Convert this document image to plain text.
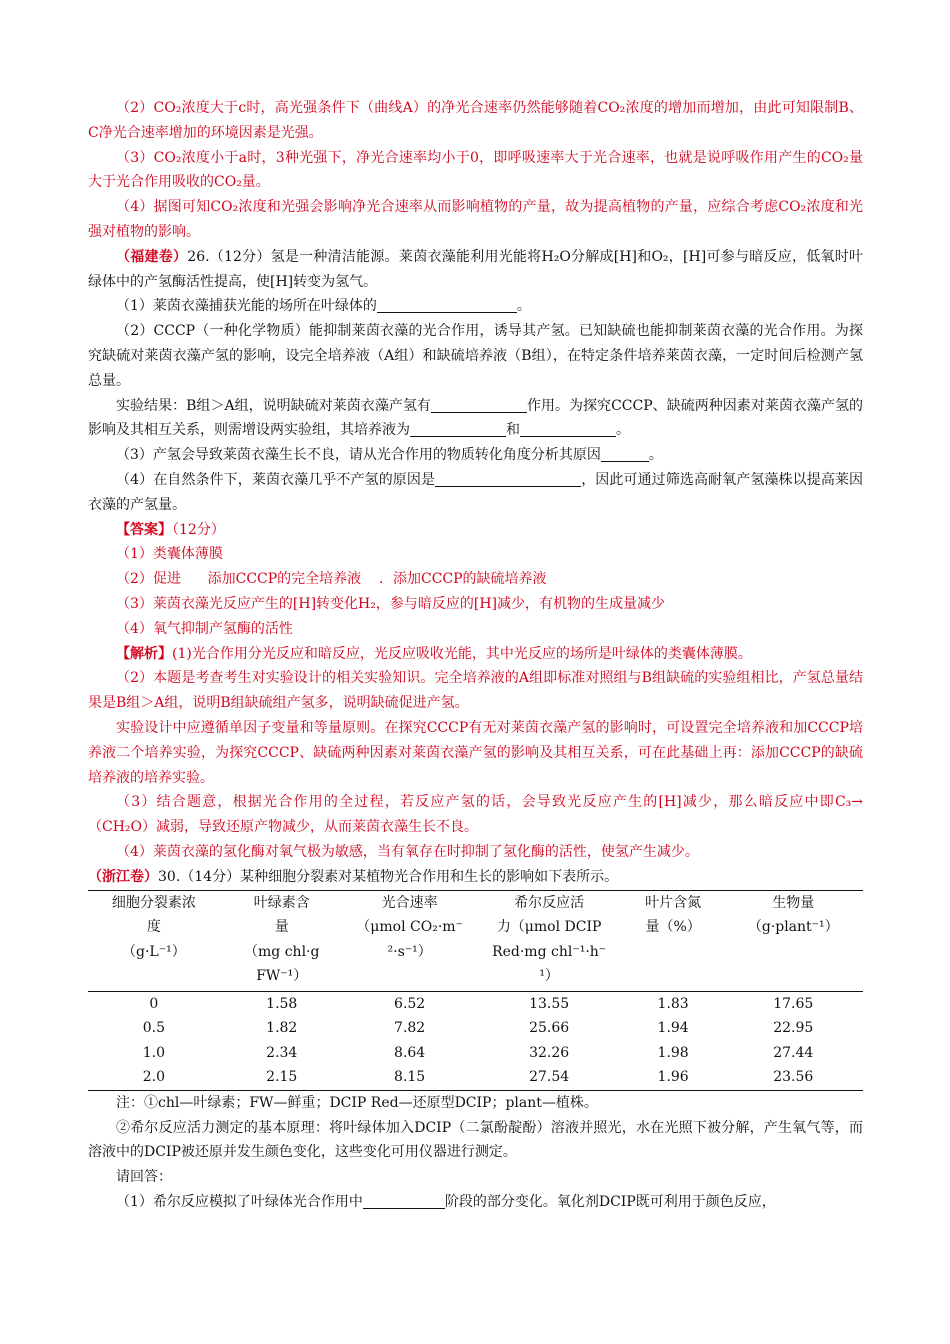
（2）CO₂浓度大于c时，高光强条件下（曲线A）的净光合速率仍然能够随着CO₂浓度的增加而增加，由此可知限制B、C净光合速率增加的环境因素是光强。

（3）CO₂浓度小于a时，3种光强下，净光合速率均小于0，即呼吸速率大于光合速率，也就是说呼吸作用产生的CO₂量大于光合作用吸收的CO₂量。

（4）据图可知CO₂浓度和光强会影响净光合速率从而影响植物的产量，故为提高植物的产量，应综合考虑CO₂浓度和光强对植物的影响。

（福建卷）26.（12分）氢是一种清洁能源。莱茵衣藻能利用光能将H₂O分解成[H]和O₂，[H]可参与暗反应，低氧时叶绿体中的产氢酶活性提高，使[H]转变为氢气。

（1）莱茵衣藻捕获光能的场所在叶绿体的	。

（2）CCCP（一种化学物质）能抑制莱茵衣藻的光合作用，诱导其产氢。已知缺硫也能抑制莱茵衣藻的光合作用。为探究缺硫对莱茵衣藻产氢的影响，设完全培养液（A组）和缺硫培养液（B组），在特定条件培养莱茵衣藻，一定时间后检测产氢总量。

实验结果：B组＞A组，说明缺硫对莱茵衣藻产氢有	作用。为探究CCCP、缺硫两种因素对莱茵衣藻产氢的影响及其相互关系，则需增设两实验组，其培养液为	和	。

（3）产氢会导致莱茵衣藻生长不良，请从光合作用的物质转化角度分析其原因	。

（4）在自然条件下，莱茵衣藻几乎不产氢的原因是	，因此可通过筛选高耐氧产氢藻株以提高莱因衣藻的产氢量。

【答案】（12分）

（1）类囊体薄膜

（2）促进 添加CCCP的完全培养液 ．添加CCCP的缺硫培养液

（3）莱茵衣藻光反应产生的[H]转变化H₂，参与暗反应的[H]减少，有机物的生成量减少

（4）氧气抑制产氢酶的活性

【解析】(1)光合作用分光反应和暗反应，光反应吸收光能，其中光反应的场所是叶绿体的类囊体薄膜。

（2）本题是考查考生对实验设计的相关实验知识。完全培养液的A组即标准对照组与B组缺硫的实验组相比，产氢总量结果是B组＞A组，说明B组缺硫组产氢多，说明缺硫促进产氢。

实验设计中应遵循单因子变量和等量原则。在探究CCCP有无对莱茵衣藻产氢的影响时，可设置完全培养液和加CCCP培养液二个培养实验，为探究CCCP、缺硫两种因素对莱茵衣藻产氢的影响及其相互关系，可在此基础上再：添加CCCP的缺硫培养液的培养实验。

（3）结合题意，根据光合作用的全过程，若反应产氢的话，会导致光反应产生的[H]减少，那么暗反应中即C₃→（CH₂O）减弱，导致还原产物减少，从而莱茵衣藻生长不良。

（4）莱茵衣藻的氢化酶对氧气极为敏感，当有氧存在时抑制了氢化酶的活性，使氢产生减少。

（浙江卷）30.（14分）某种细胞分裂素对某植物光合作用和生长的影响如下表所示。

细胞分裂素浓
度
（g·L⁻¹）	叶绿素含
量
（mg chl·g
FW⁻¹）	光合速率
（μmol CO₂·m⁻
²·s⁻¹）	希尔反应活
力（μmol DCIP
Red·mg chl⁻¹·h⁻
¹）	叶片含氮
量（%）	生物量
（g·plant⁻¹）

0	1.58	6.52	13.55	1.83	17.65
0.5	1.82	7.82	25.66	1.94	22.95
1.0	2.34	8.64	32.26	1.98	27.44
2.0	2.15	8.15	27.54	1.96	23.56

注：①chl—叶绿素；FW—鲜重；DCIP Red—还原型DCIP；plant—植株。

②希尔反应活力测定的基本原理：将叶绿体加入DCIP（二氯酚靛酚）溶液并照光，水在光照下被分解，产生氧气等，而溶液中的DCIP被还原并发生颜色变化，这些变化可用仪器进行测定。

请回答：

（1）希尔反应模拟了叶绿体光合作用中	阶段的部分变化。氧化剂DCIP既可利用于颜色反应，
